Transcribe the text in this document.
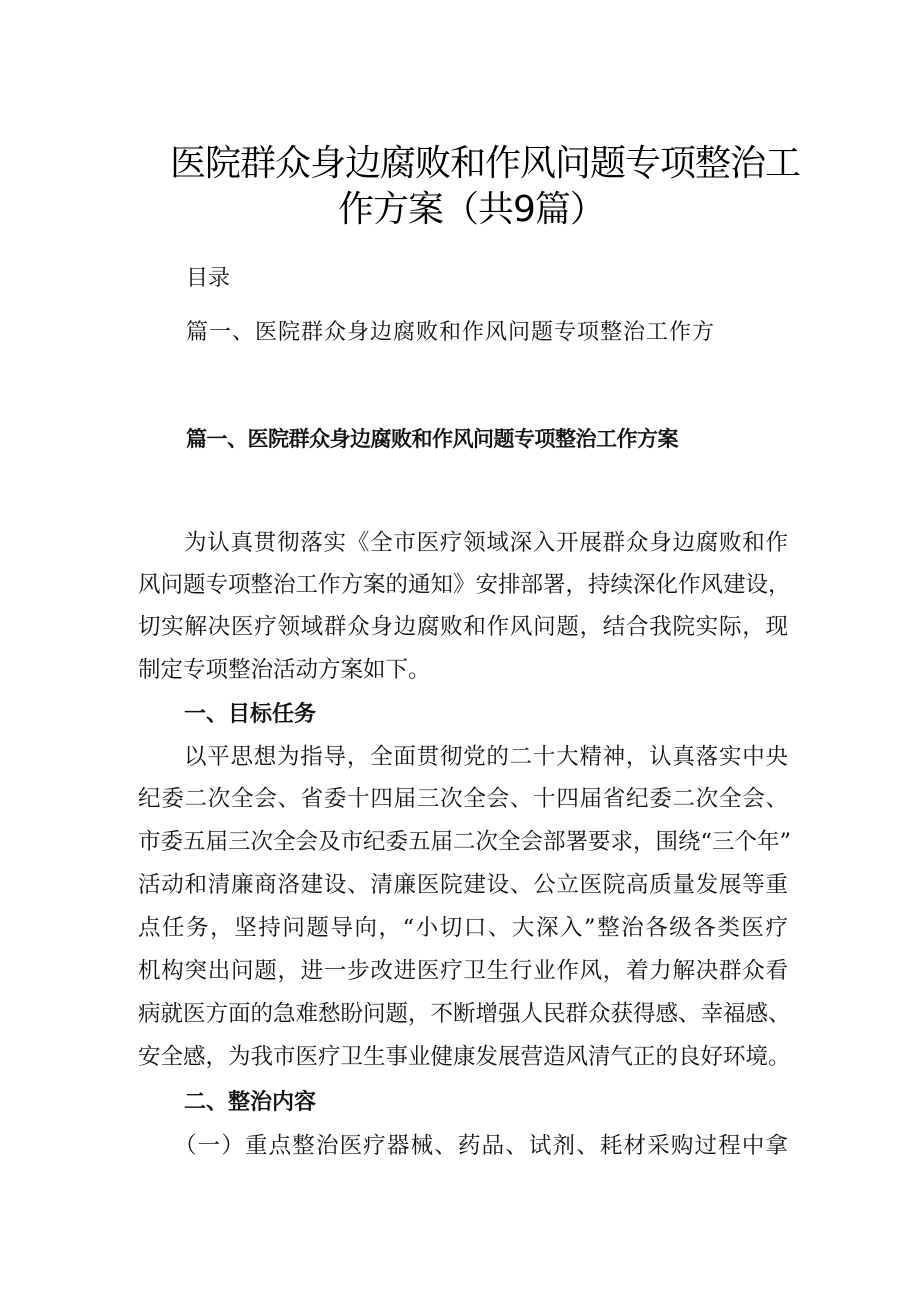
医院群众身边腐败和作风问题专项整治工
作方案（共9篇）
目录
篇一、医院群众身边腐败和作风问题专项整治工作方
篇一、医院群众身边腐败和作风问题专项整治工作方案
为认真贯彻落实《全市医疗领域深入开展群众身边腐败和作
风问题专项整治工作方案的通知》安排部署，持续深化作风建设，
切实解决医疗领域群众身边腐败和作风问题，结合我院实际，现
制定专项整治活动方案如下。
一、目标任务
以平思想为指导，全面贯彻党的二十大精神，认真落实中央
纪委二次全会、省委十四届三次全会、十四届省纪委二次全会、
市委五届三次全会及市纪委五届二次全会部署要求，围绕“三个年”
活动和清廉商洛建设、清廉医院建设、公立医院高质量发展等重
点任务，坚持问题导向，“小切口、大深入”整治各级各类医疗
机构突出问题，进一步改进医疗卫生行业作风，着力解决群众看
病就医方面的急难愁盼问题，不断增强人民群众获得感、幸福感、
安全感，为我市医疗卫生事业健康发展营造风清气正的良好环境。
二、整治内容
（一）重点整治医疗器械、药品、试剂、耗材采购过程中拿
